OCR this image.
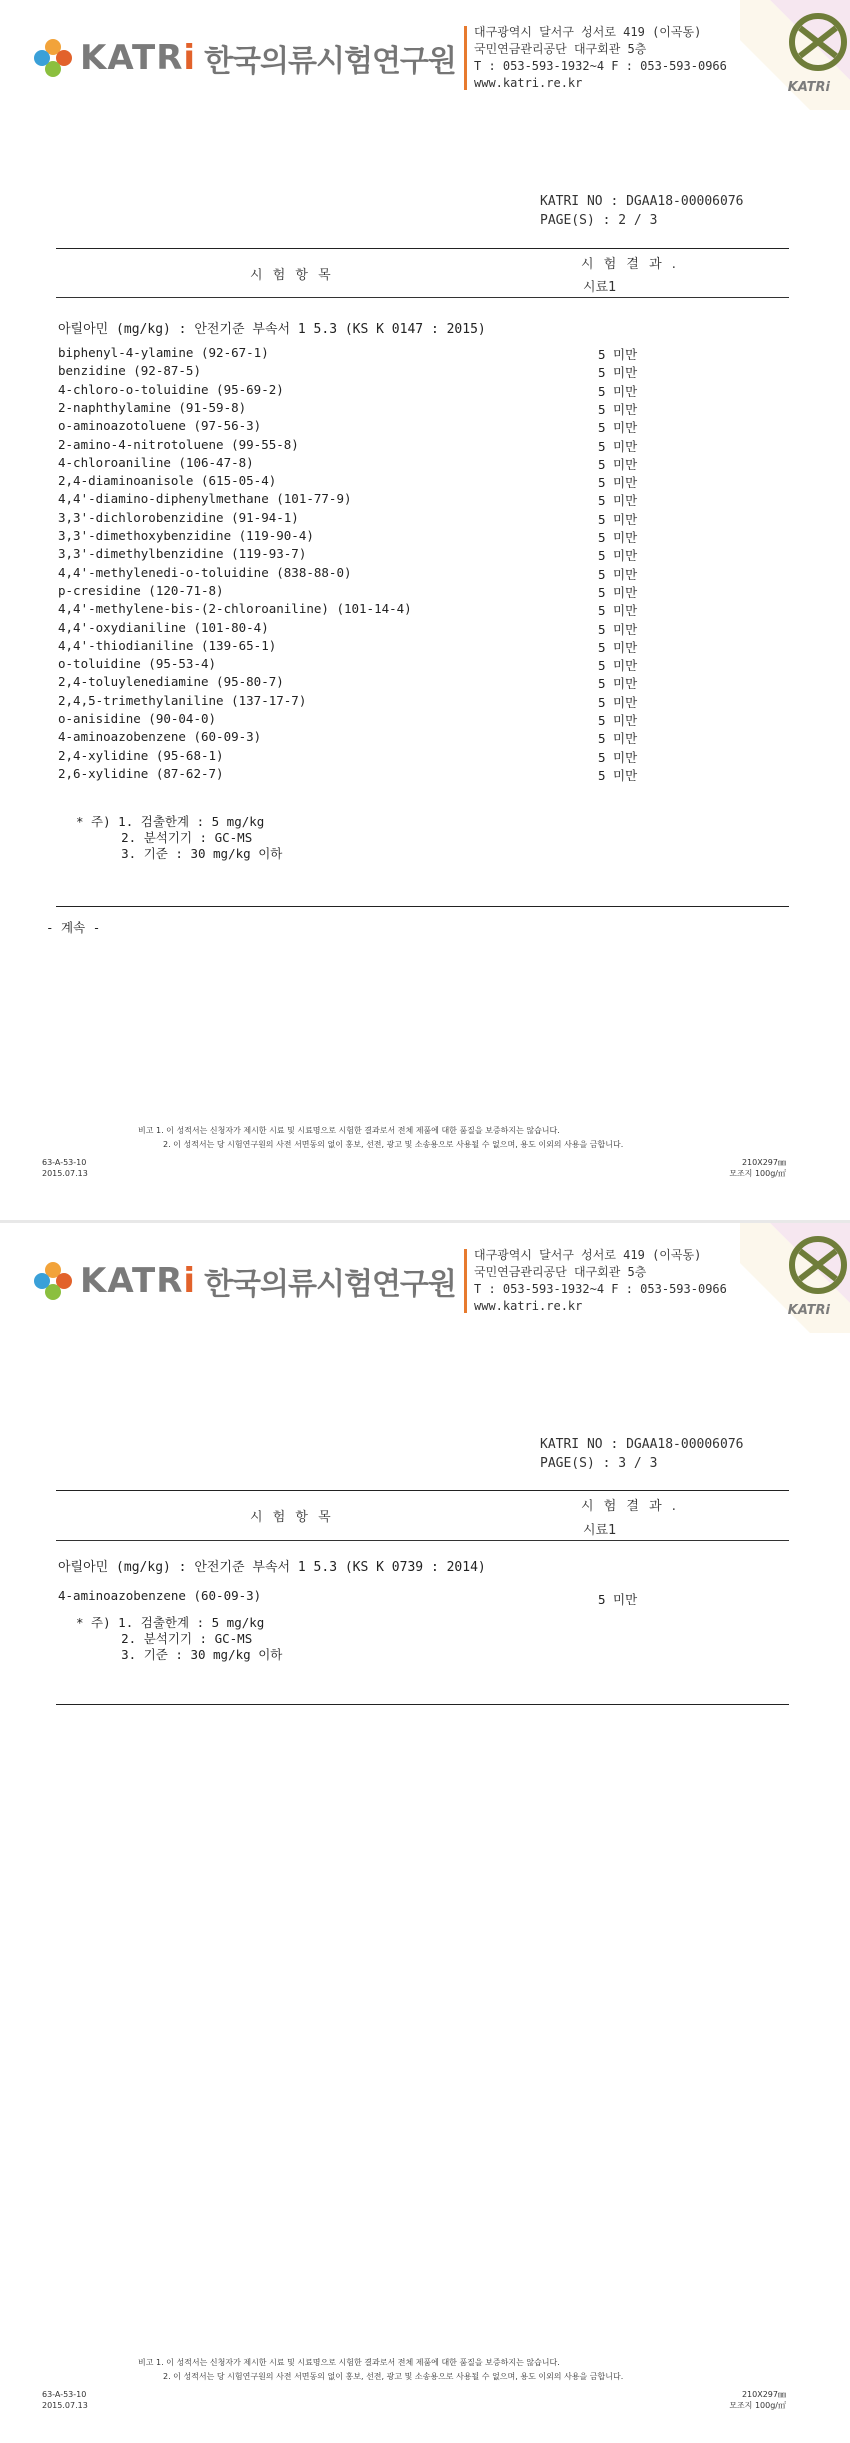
KATRi 한국의류시험연구원
대구광역시 달서구 성서로 419 (이곡동)
국민연금관리공단 대구회관 5층
T : 053-593-1932~4 F : 053-593-0966
www.katri.re.kr	KATRi
KATRI NO : DGAA18-00006076
PAGE(S) : 2 / 3
시 험 항 목
시 험 결 과 .
시료1
아릴아민 (mg/kg) : 안전기준 부속서 1 5.3 (KS K 0147 : 2015)
biphenyl-4-ylamine (92-67-1)	5 미만
benzidine (92-87-5)	5 미만
4-chloro-o-toluidine (95-69-2)	5 미만
2-naphthylamine (91-59-8)	5 미만
o-aminoazotoluene (97-56-3)	5 미만
2-amino-4-nitrotoluene (99-55-8)	5 미만
4-chloroaniline (106-47-8)	5 미만
2,4-diaminoanisole (615-05-4)	5 미만
4,4'-diamino-diphenylmethane (101-77-9)	5 미만
3,3'-dichlorobenzidine (91-94-1)	5 미만
3,3'-dimethoxybenzidine (119-90-4)	5 미만
3,3'-dimethylbenzidine (119-93-7)	5 미만
4,4'-methylenedi-o-toluidine (838-88-0)	5 미만
p-cresidine (120-71-8)	5 미만
4,4'-methylene-bis-(2-chloroaniline) (101-14-4)	5 미만
4,4'-oxydianiline (101-80-4)	5 미만
4,4'-thiodianiline (139-65-1)	5 미만
o-toluidine (95-53-4)	5 미만
2,4-toluylenediamine (95-80-7)	5 미만
2,4,5-trimethylaniline (137-17-7)	5 미만
o-anisidine (90-04-0)	5 미만
4-aminoazobenzene (60-09-3)	5 미만
2,4-xylidine (95-68-1)	5 미만
2,6-xylidine (87-62-7)	5 미만
* 주) 1. 검출한계 : 5 mg/kg
2. 분석기기 : GC-MS
3. 기준 : 30 mg/kg 이하
- 계속 -
비고 1. 이 성적서는 신청자가 제시한 시료 및 시료명으로 시험한 결과로서 전체 제품에 대한 품질을 보증하지는 않습니다.
2. 이 성적서는 당 시험연구원의 사전 서면동의 없이 홍보, 선전, 광고 및 소송용으로 사용될 수 없으며, 용도 이외의 사용을 금합니다.
63-A-53-10
2015.07.13
210X297㎜
모조지 100g/㎡
KATRi 한국의류시험연구원
대구광역시 달서구 성서로 419 (이곡동)
국민연금관리공단 대구회관 5층
T : 053-593-1932~4 F : 053-593-0966
www.katri.re.kr	KATRi
KATRI NO : DGAA18-00006076
PAGE(S) : 3 / 3
시 험 항 목
시 험 결 과 .
시료1
아릴아민 (mg/kg) : 안전기준 부속서 1 5.3 (KS K 0739 : 2014)
4-aminoazobenzene (60-09-3)	5 미만
* 주) 1. 검출한계 : 5 mg/kg
2. 분석기기 : GC-MS
3. 기준 : 30 mg/kg 이하
비고 1. 이 성적서는 신청자가 제시한 시료 및 시료명으로 시험한 결과로서 전체 제품에 대한 품질을 보증하지는 않습니다.
2. 이 성적서는 당 시험연구원의 사전 서면동의 없이 홍보, 선전, 광고 및 소송용으로 사용될 수 없으며, 용도 이외의 사용을 금합니다.
63-A-53-10
2015.07.13
210X297㎜
모조지 100g/㎡
